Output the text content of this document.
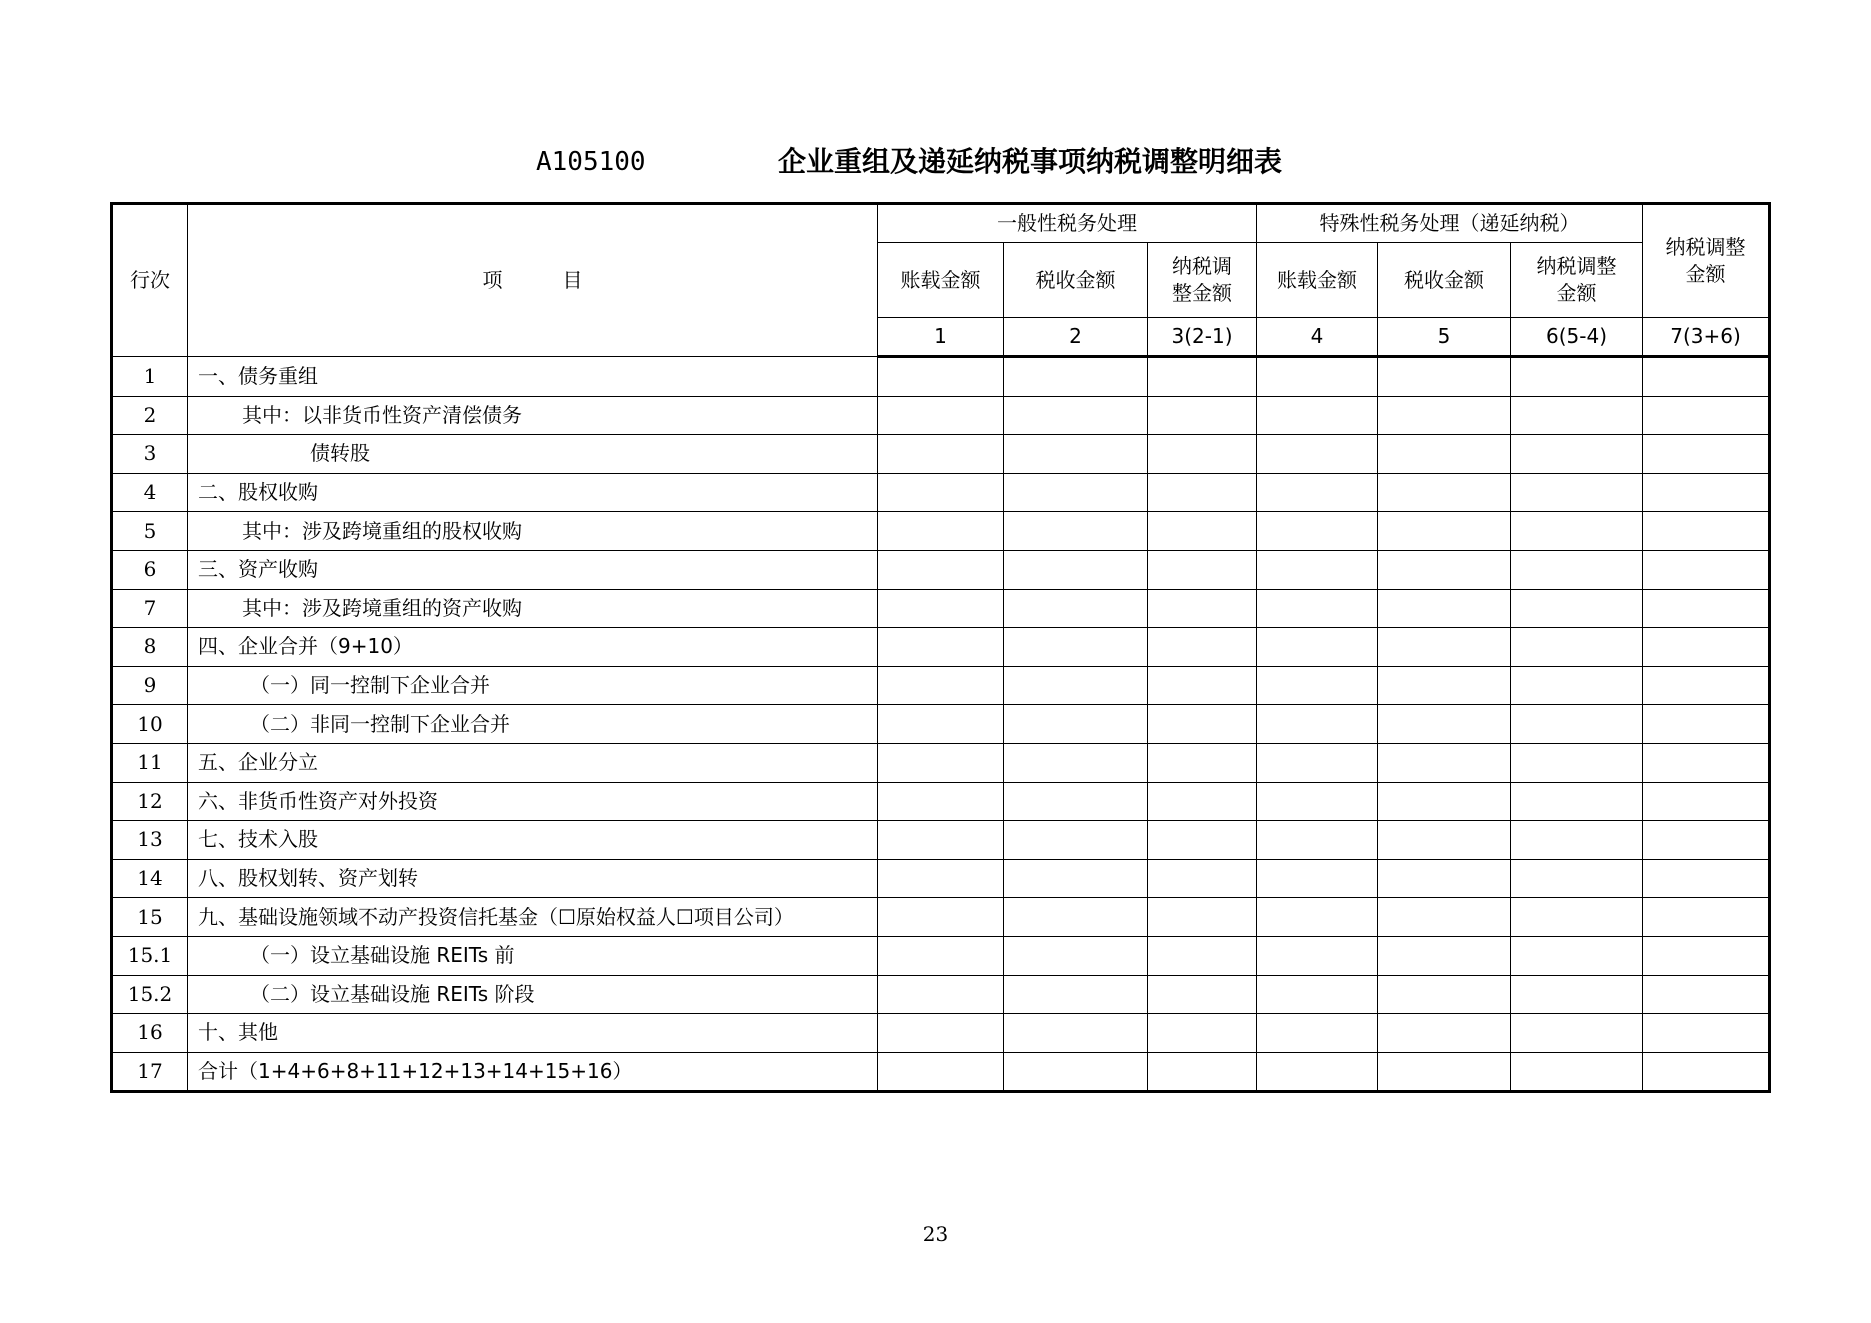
A105100	企业重组及递延纳税事项纳税调整明细表
行次	项　　　目	一般性税务处理			特殊性税务处理（递延纳税）			纳税调整金额
		账载金额	税收金额	纳税调整金额	账载金额	税收金额	纳税调整金额	
		1	2	3(2-1)	4	5	6(5-4)	7(3+6)
1	一、债务重组							
2	其中：以非货币性资产清偿债务							
3	债转股							
4	二、股权收购							
5	其中：涉及跨境重组的股权收购							
6	三、资产收购							
7	其中：涉及跨境重组的资产收购							
8	四、企业合并（9+10）							
9	（一）同一控制下企业合并							
10	（二）非同一控制下企业合并							
11	五、企业分立							
12	六、非货币性资产对外投资							
13	七、技术入股							
14	八、股权划转、资产划转							
15	九、基础设施领域不动产投资信托基金（☐原始权益人☐项目公司）							
15.1	（一）设立基础设施 REITs 前							
15.2	（二）设立基础设施 REITs 阶段							
16	十、其他							
17	合计（1+4+6+8+11+12+13+14+15+16）							
23
